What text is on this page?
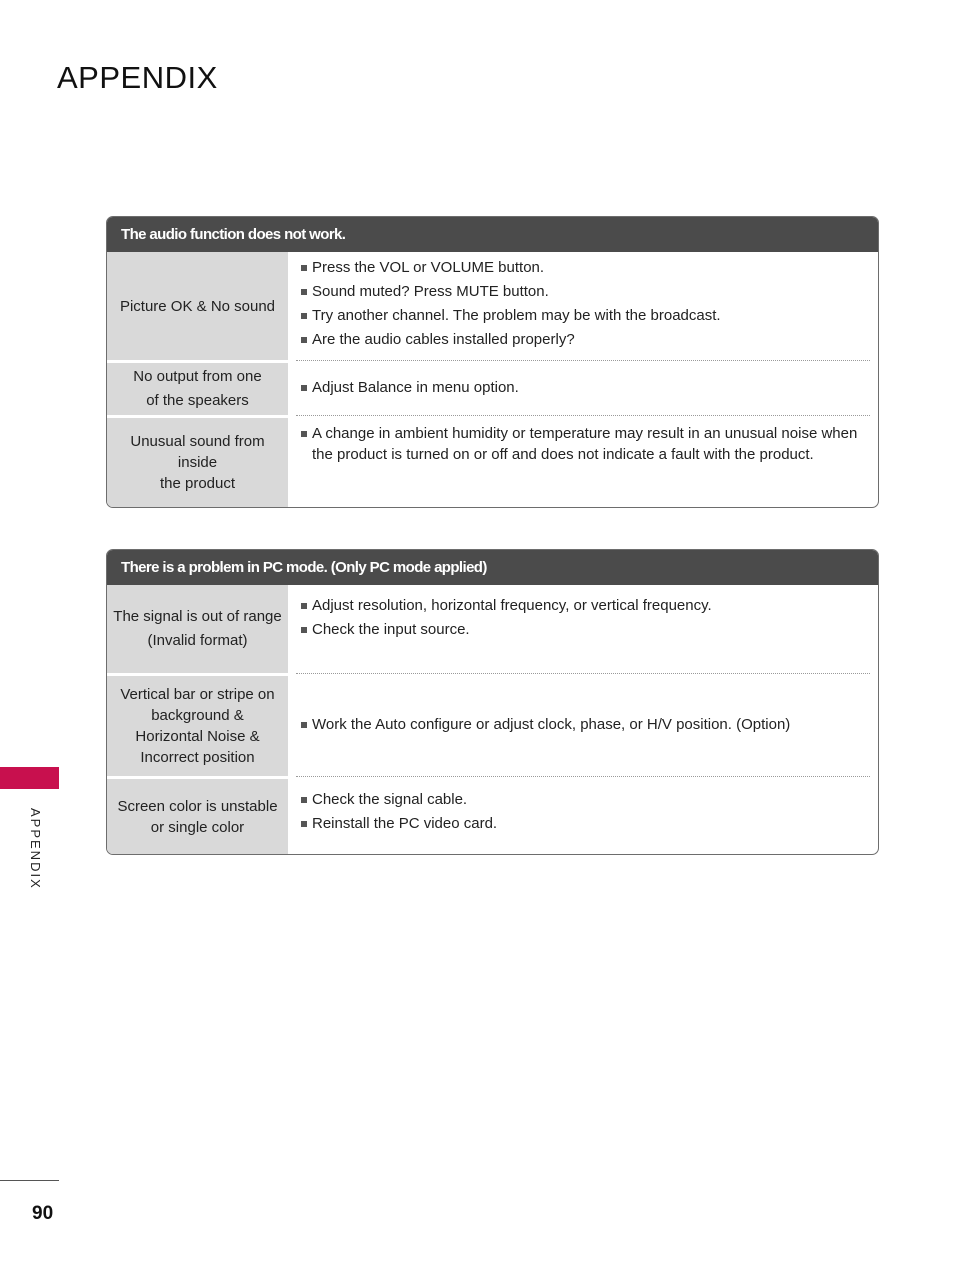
APPENDIX
The audio function does not work.
Picture OK & No sound
Press the VOL or VOLUME button.
Sound muted? Press MUTE button.
Try another channel. The problem may be with the broadcast.
Are the audio cables installed properly?
No output from one
of the speakers
Adjust Balance in menu option.
Unusual sound from
inside
the product
A change in ambient humidity or temperature may result in an unusual noise when the product is turned on or off and does not indicate a fault with the product.
There is a problem in PC mode. (Only PC mode applied)
The signal is out of range
(Invalid format)
Adjust resolution, horizontal frequency, or vertical frequency.
Check the input source.
Vertical bar or stripe on
background &
Horizontal Noise &
Incorrect position
Work the Auto configure or adjust clock, phase, or H/V position. (Option)
Screen color is unstable
or single color
Check the signal cable.
Reinstall the PC video card.
APPENDIX
90
